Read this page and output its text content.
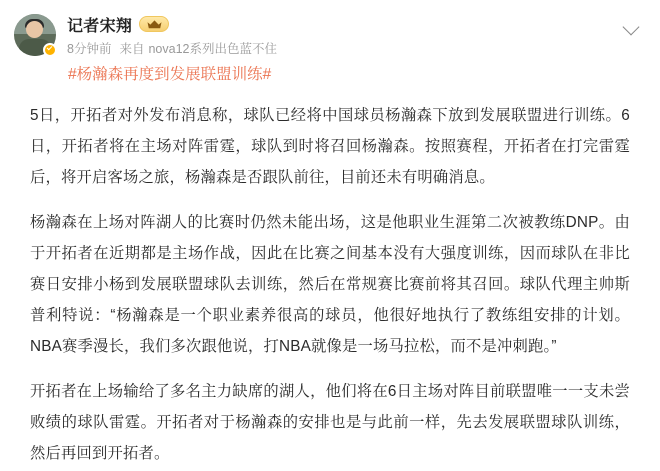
记者宋翔
8分钟前 来自 nova12系列出色蓝不住
#杨瀚森再度到发展联盟训练#

5日，开拓者对外发布消息称，球队已经将中国球员杨瀚森下放到发展联盟进行训练。6日，开拓者将在主场对阵雷霆，球队到时将召回杨瀚森。按照赛程，开拓者在打完雷霆后，将开启客场之旅，杨瀚森是否跟队前往，目前还未有明确消息。

杨瀚森在上场对阵湖人的比赛时仍然未能出场，这是他职业生涯第二次被教练DNP。由于开拓者在近期都是主场作战，因此在比赛之间基本没有大强度训练，因而球队在非比赛日安排小杨到发展联盟球队去训练，然后在常规赛比赛前将其召回。球队代理主帅斯普利特说：“杨瀚森是一个职业素养很高的球员，他很好地执行了教练组安排的计划。NBA赛季漫长，我们多次跟他说，打NBA就像是一场马拉松，而不是冲刺跑。”

开拓者在上场输给了多名主力缺席的湖人，他们将在6日主场对阵目前联盟唯一一支未尝败绩的球队雷霆。开拓者对于杨瀚森的安排也是与此前一样，先去发展联盟球队训练，然后再回到开拓者。
